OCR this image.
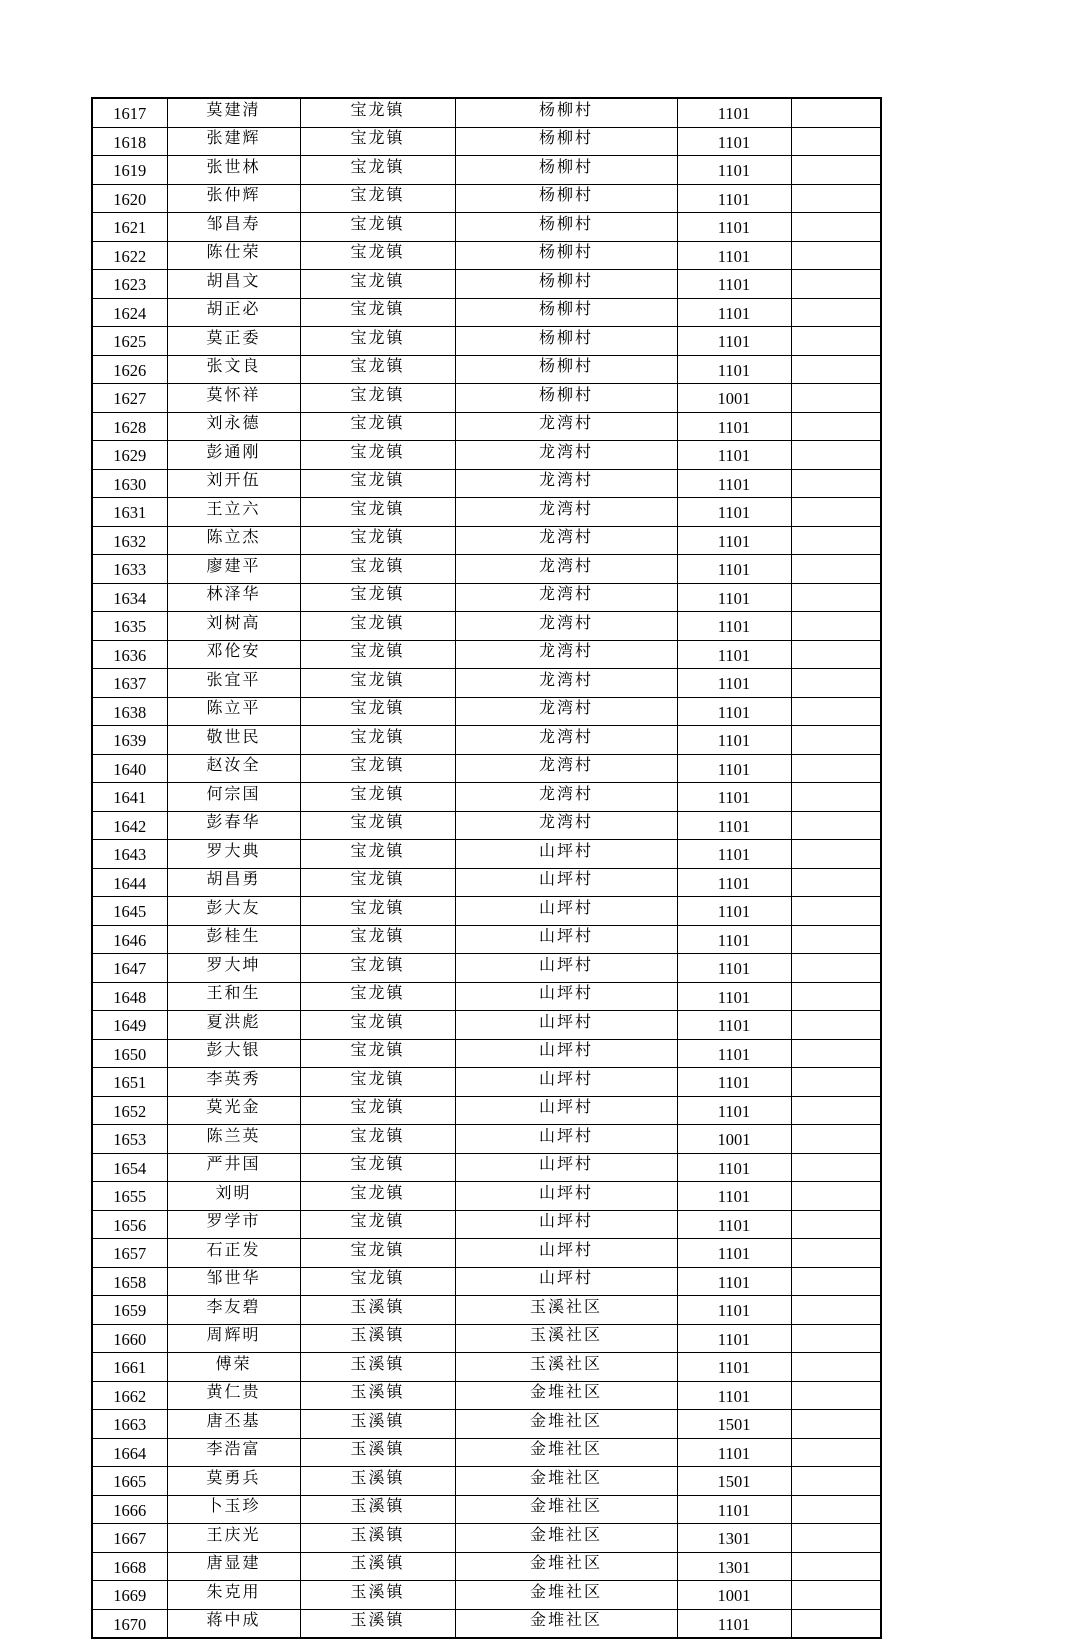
1617	莫建清	宝龙镇	杨柳村	1101	
1618	张建辉	宝龙镇	杨柳村	1101	
1619	张世林	宝龙镇	杨柳村	1101	
1620	张仲辉	宝龙镇	杨柳村	1101	
1621	邹昌寿	宝龙镇	杨柳村	1101	
1622	陈仕荣	宝龙镇	杨柳村	1101	
1623	胡昌文	宝龙镇	杨柳村	1101	
1624	胡正必	宝龙镇	杨柳村	1101	
1625	莫正委	宝龙镇	杨柳村	1101	
1626	张文良	宝龙镇	杨柳村	1101	
1627	莫怀祥	宝龙镇	杨柳村	1001	
1628	刘永德	宝龙镇	龙湾村	1101	
1629	彭通刚	宝龙镇	龙湾村	1101	
1630	刘开伍	宝龙镇	龙湾村	1101	
1631	王立六	宝龙镇	龙湾村	1101	
1632	陈立杰	宝龙镇	龙湾村	1101	
1633	廖建平	宝龙镇	龙湾村	1101	
1634	林泽华	宝龙镇	龙湾村	1101	
1635	刘树高	宝龙镇	龙湾村	1101	
1636	邓伦安	宝龙镇	龙湾村	1101	
1637	张宜平	宝龙镇	龙湾村	1101	
1638	陈立平	宝龙镇	龙湾村	1101	
1639	敬世民	宝龙镇	龙湾村	1101	
1640	赵汝全	宝龙镇	龙湾村	1101	
1641	何宗国	宝龙镇	龙湾村	1101	
1642	彭春华	宝龙镇	龙湾村	1101	
1643	罗大典	宝龙镇	山坪村	1101	
1644	胡昌勇	宝龙镇	山坪村	1101	
1645	彭大友	宝龙镇	山坪村	1101	
1646	彭桂生	宝龙镇	山坪村	1101	
1647	罗大坤	宝龙镇	山坪村	1101	
1648	王和生	宝龙镇	山坪村	1101	
1649	夏洪彪	宝龙镇	山坪村	1101	
1650	彭大银	宝龙镇	山坪村	1101	
1651	李英秀	宝龙镇	山坪村	1101	
1652	莫光金	宝龙镇	山坪村	1101	
1653	陈兰英	宝龙镇	山坪村	1001	
1654	严井国	宝龙镇	山坪村	1101	
1655	刘明	宝龙镇	山坪村	1101	
1656	罗学市	宝龙镇	山坪村	1101	
1657	石正发	宝龙镇	山坪村	1101	
1658	邹世华	宝龙镇	山坪村	1101	
1659	李友碧	玉溪镇	玉溪社区	1101	
1660	周辉明	玉溪镇	玉溪社区	1101	
1661	傅荣	玉溪镇	玉溪社区	1101	
1662	黄仁贵	玉溪镇	金堆社区	1101	
1663	唐丕基	玉溪镇	金堆社区	1501	
1664	李浩富	玉溪镇	金堆社区	1101	
1665	莫勇兵	玉溪镇	金堆社区	1501	
1666	卜玉珍	玉溪镇	金堆社区	1101	
1667	王庆光	玉溪镇	金堆社区	1301	
1668	唐显建	玉溪镇	金堆社区	1301	
1669	朱克用	玉溪镇	金堆社区	1001	
1670	蒋中成	玉溪镇	金堆社区	1101	
